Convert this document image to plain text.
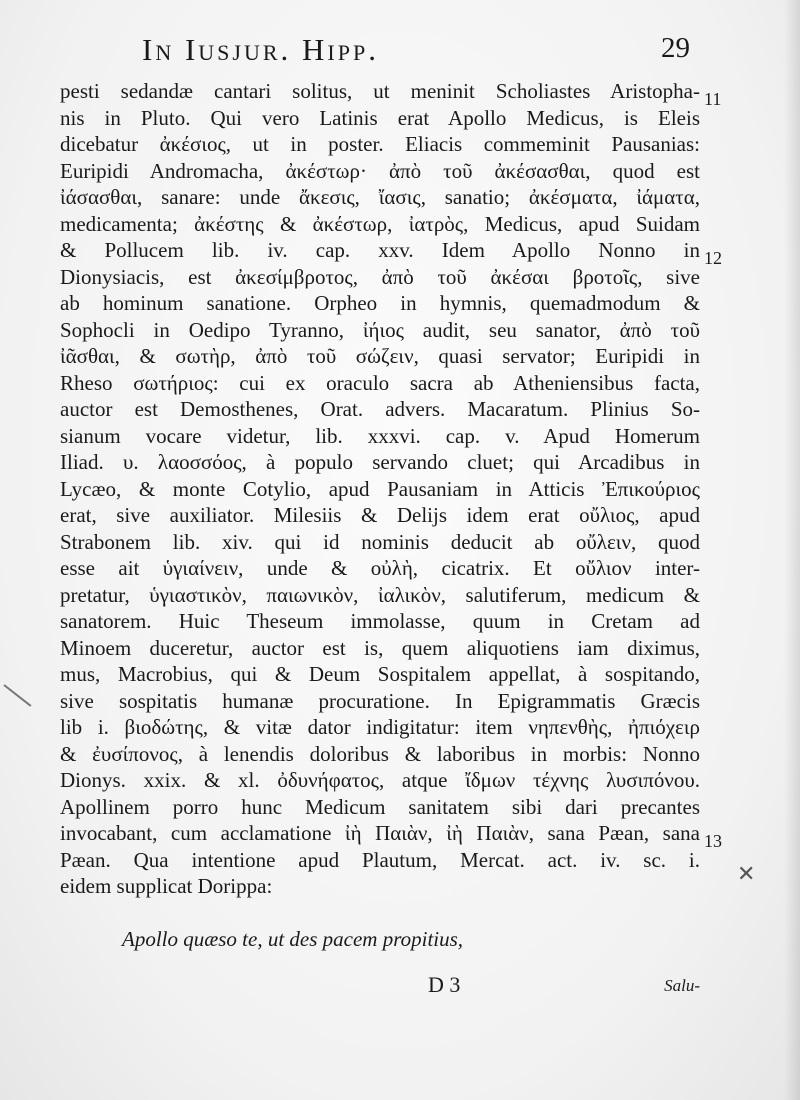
In Iusjur. Hipp.	29
pesti sedandæ cantari solitus, ut meninit Scholiastes Aristopha-
nis in Pluto. Qui vero Latinis erat Apollo Medicus, is Eleis
dicebatur ἀκέσιος, ut in poster. Eliacis commeminit Pausanias:
Euripidi Andromacha, ἀκέστωρ· ἀπὸ τοῦ ἀκέσασθαι, quod est
ἰάσασθαι, sanare: unde ἄκεσις, ἴασις, sanatio; ἀκέσματα, ἰάματα,
medicamenta; ἀκέστης & ἀκέστωρ, ἰατρὸς, Medicus, apud Suidam
& Pollucem lib. iv. cap. xxv. Idem Apollo Nonno in
Dionysiacis, est ἀκεσίμβροτος, ἀπὸ τοῦ ἀκέσαι βροτοῖς, sive
ab hominum sanatione. Orpheo in hymnis, quemadmodum &
Sophocli in Oedipo Tyranno, ἰήιος audit, seu sanator, ἀπὸ τοῦ
ἰᾶσθαι, & σωτὴρ, ἀπὸ τοῦ σώζειν, quasi servator; Euripidi in
Rheso σωτήριος: cui ex oraculo sacra ab Atheniensibus facta,
auctor est Demosthenes, Orat. advers. Macaratum. Plinius So-
sianum vocare videtur, lib. xxxvi. cap. v. Apud Homerum
Iliad. υ. λαοσσόος, à populo servando cluet; qui Arcadibus in
Lycæo, & monte Cotylio, apud Pausaniam in Atticis Ἐπικούριος
erat, sive auxiliator. Milesiis & Delijs idem erat οὔλιος, apud
Strabonem lib. xiv. qui id nominis deducit ab οὔλειν, quod
esse ait ὑγιαίνειν, unde & οὐλὴ, cicatrix. Et οὔλιον inter-
pretatur, ὑγιαστικὸν, παιωνικὸν, ἰαλικὸν, salutiferum, medicum &
sanatorem. Huic Theseum immolasse, quum in Cretam ad
Minoem duceretur, auctor est is, quem aliquotiens iam diximus,
mus, Macrobius, qui & Deum Sospitalem appellat, à sospitando,
sive sospitatis humanæ procuratione. In Epigrammatis Græcis
lib i. βιοδώτης, & vitæ dator indigitatur: item νηπενθὴς, ἠπιόχειρ
& ἐυσίπονος, à lenendis doloribus & laboribus in morbis: Nonno
Dionys. xxix. & xl. ὀδυνήφατος, atque ἴδμων τέχνης λυσιπόνου.
Apollinem porro hunc Medicum sanitatem sibi dari precantes
invocabant, cum acclamatione ἰὴ Παιὰν, ἰὴ Παιὰν, sana Pæan, sana
Pæan. Qua intentione apud Plautum, Mercat. act. iv. sc. i.
eidem supplicat Dorippa:
Apollo quæso te, ut des pacem propitius,
11
12
13
✕
D 3	Salu-
